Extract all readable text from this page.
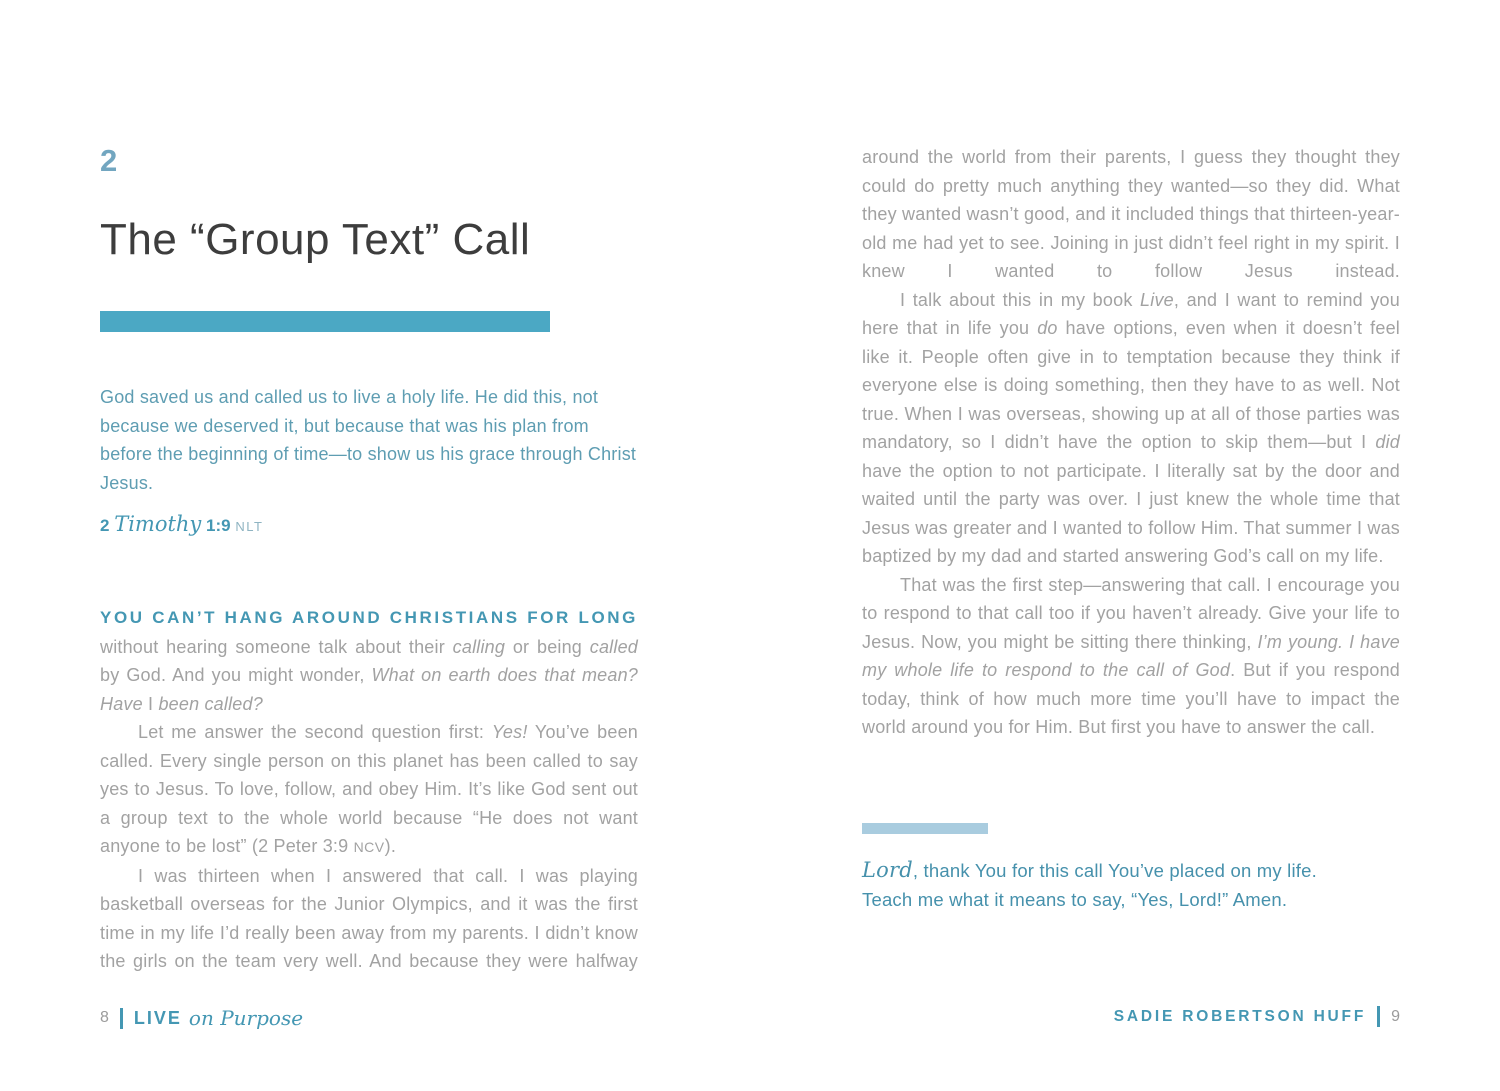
2
The “Group Text” Call
God saved us and called us to live a holy life. He did this, not because we deserved it, but because that was his plan from before the beginning of time—to show us his grace through Christ Jesus.
2 Timothy 1:9 NLT

YOU CAN’T HANG AROUND CHRISTIANS FOR LONG without hearing someone talk about their calling or being called by God. And you might wonder, What on earth does that mean? Have I been called?

Let me answer the second question first: Yes! You’ve been called. Every single person on this planet has been called to say yes to Jesus. To love, follow, and obey Him. It’s like God sent out a group text to the whole world because “He does not want anyone to be lost” (2 Peter 3:9 NCV).

I was thirteen when I answered that call. I was playing basketball overseas for the Junior Olympics, and it was the first time in my life I’d really been away from my parents. I didn’t know the girls on the team very well. And because they were halfway

8 LIVE on Purpose

around the world from their parents, I guess they thought they could do pretty much anything they wanted—so they did. What they wanted wasn’t good, and it included things that thirteen-year-old me had yet to see. Joining in just didn’t feel right in my spirit. I knew I wanted to follow Jesus instead.

I talk about this in my book Live, and I want to remind you here that in life you do have options, even when it doesn’t feel like it. People often give in to temptation because they think if everyone else is doing something, then they have to as well. Not true. When I was overseas, showing up at all of those parties was mandatory, so I didn’t have the option to skip them—but I did have the option to not participate. I literally sat by the door and waited until the party was over. I just knew the whole time that Jesus was greater and I wanted to follow Him. That summer I was baptized by my dad and started answering God’s call on my life.

That was the first step—answering that call. I encourage you to respond to that call too if you haven’t already. Give your life to Jesus. Now, you might be sitting there thinking, I’m young. I have my whole life to respond to the call of God. But if you respond today, think of how much more time you’ll have to impact the world around you for Him. But first you have to answer the call.

Lord, thank You for this call You’ve placed on my life.
Teach me what it means to say, “Yes, Lord!” Amen.
SADIE ROBERTSON HUFF 9
